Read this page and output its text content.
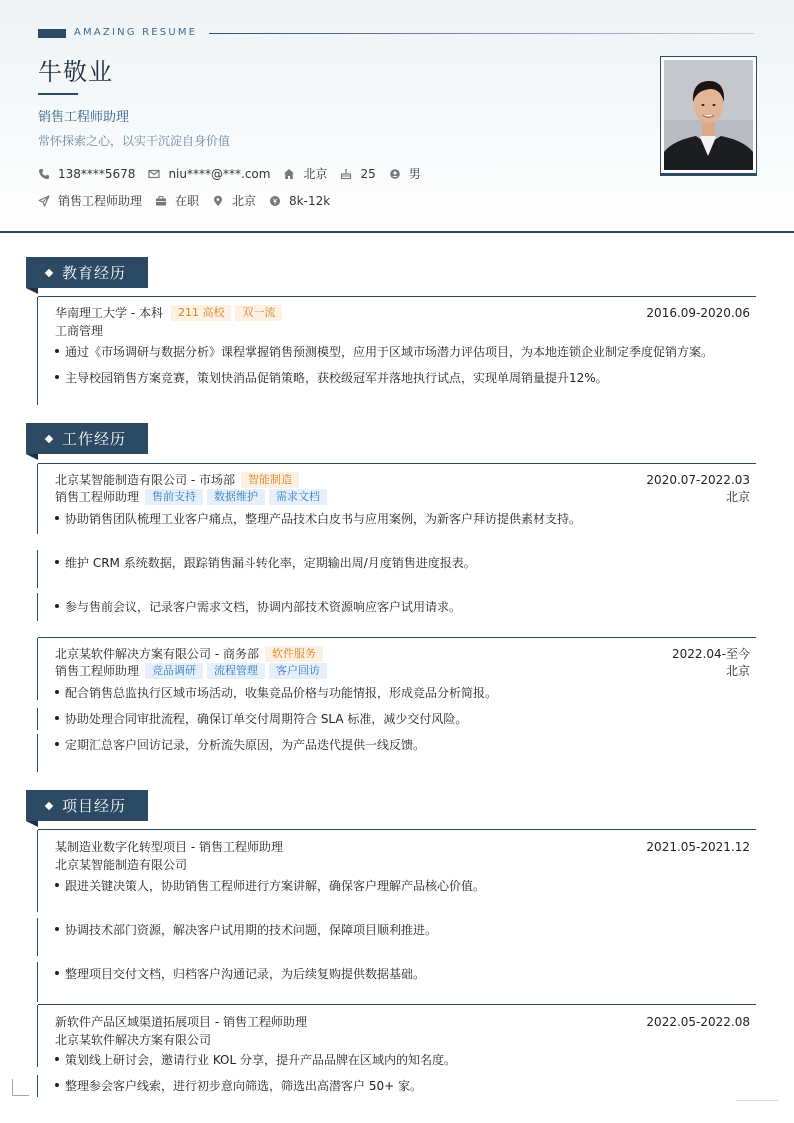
AMAZING RESUME
牛敬业
销售工程师助理
常怀探索之心，以实干沉淀自身价值
138****5678	niu****@***.com	北京	25	男
销售工程师助理	在职	北京	8k-12k
教育经历
华南理工大学 - 本科	211 高校	双一流	2016.09-2020.06
工商管理
通过《市场调研与数据分析》课程掌握销售预测模型，应用于区域市场潜力评估项目，为本地连锁企业制定季度促销方案。
主导校园销售方案竞赛，策划快消品促销策略，获校级冠军并落地执行试点，实现单周销量提升12%。
工作经历
北京某智能制造有限公司 - 市场部	智能制造	2020.07-2022.03
销售工程师助理	售前支持	数据维护	需求文档	北京
协助销售团队梳理工业客户痛点，整理产品技术白皮书与应用案例，为新客户拜访提供素材支持。
维护 CRM 系统数据，跟踪销售漏斗转化率，定期输出周/月度销售进度报表。
参与售前会议，记录客户需求文档，协调内部技术资源响应客户试用请求。
北京某软件解决方案有限公司 - 商务部	软件服务	2022.04-至今
销售工程师助理	竞品调研	流程管理	客户回访	北京
配合销售总监执行区域市场活动，收集竞品价格与功能情报，形成竞品分析简报。
协助处理合同审批流程，确保订单交付周期符合 SLA 标准，减少交付风险。
定期汇总客户回访记录，分析流失原因，为产品迭代提供一线反馈。
项目经历
某制造业数字化转型项目 - 销售工程师助理	2021.05-2021.12
北京某智能制造有限公司
跟进关键决策人，协助销售工程师进行方案讲解，确保客户理解产品核心价值。
协调技术部门资源，解决客户试用期的技术问题，保障项目顺利推进。
整理项目交付文档，归档客户沟通记录，为后续复购提供数据基础。
新软件产品区域渠道拓展项目 - 销售工程师助理	2022.05-2022.08
北京某软件解决方案有限公司
策划线上研讨会，邀请行业 KOL 分享，提升产品品牌在区域内的知名度。
整理参会客户线索，进行初步意向筛选，筛选出高潜客户 50+ 家。
